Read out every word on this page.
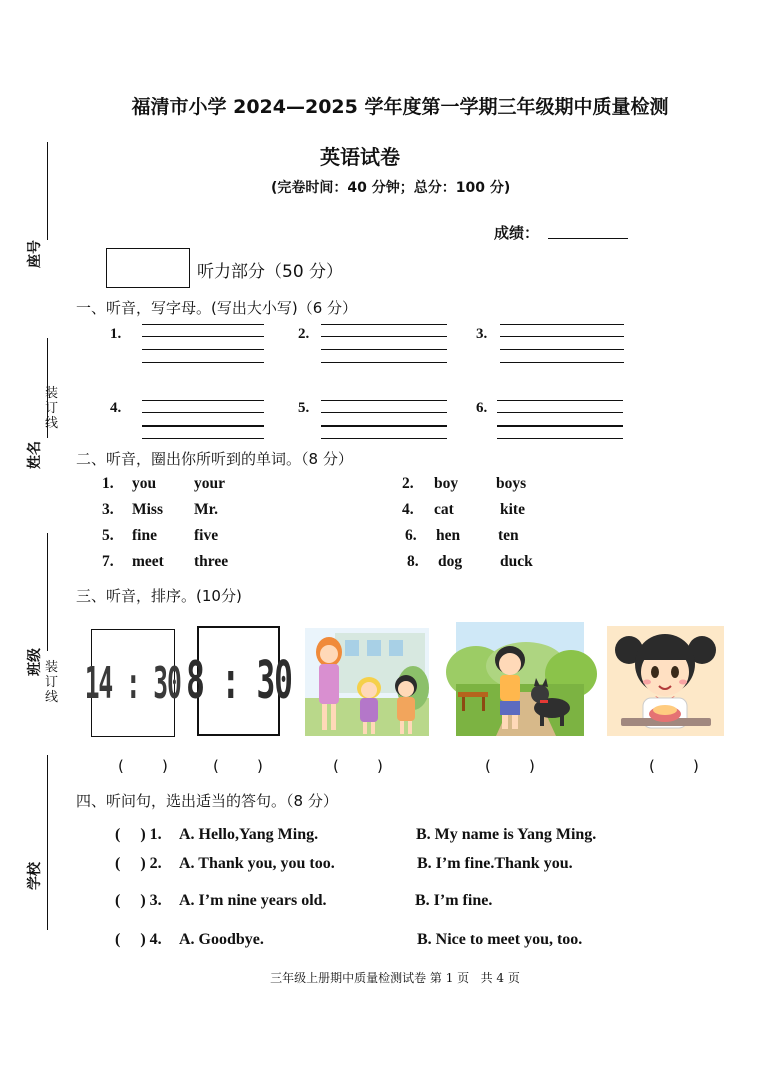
座号
装订线
姓名
班级 装订线
学校
福清市小学 2024—2025 学年度第一学期三年级期中质量检测
英语试卷
(完卷时间：40 分钟；总分：100 分)
成绩：
听力部分（50 分）
一、听音，写字母。(写出大小写)（6 分）
1.	2.	3.
4.	5.	6.
二、听音，圈出你所听到的单词。（8 分）
1. you your	2. boy boys
3. Miss Mr.	4. cat	kite
5. fine five	6. hen ten
7. meet three	8. dog duck
三、听音，排序。(10分)
14 : 30 8 : 30
(        )	(        )	(        )	(        )	(        )
四、听问句，选出适当的答句。（8 分）
(     ) 1. A. Hello,Yang Ming.	B. My name is Yang Ming.
(     ) 2. A. Thank you, you too.	B. I’m fine.Thank you.
(     ) 3. A. I’m nine years old.	B. I’m fine.
(     ) 4. A. Goodbye.	B. Nice to meet you, too.
三年级上册期中质量检测试卷 第 1 页   共 4 页
